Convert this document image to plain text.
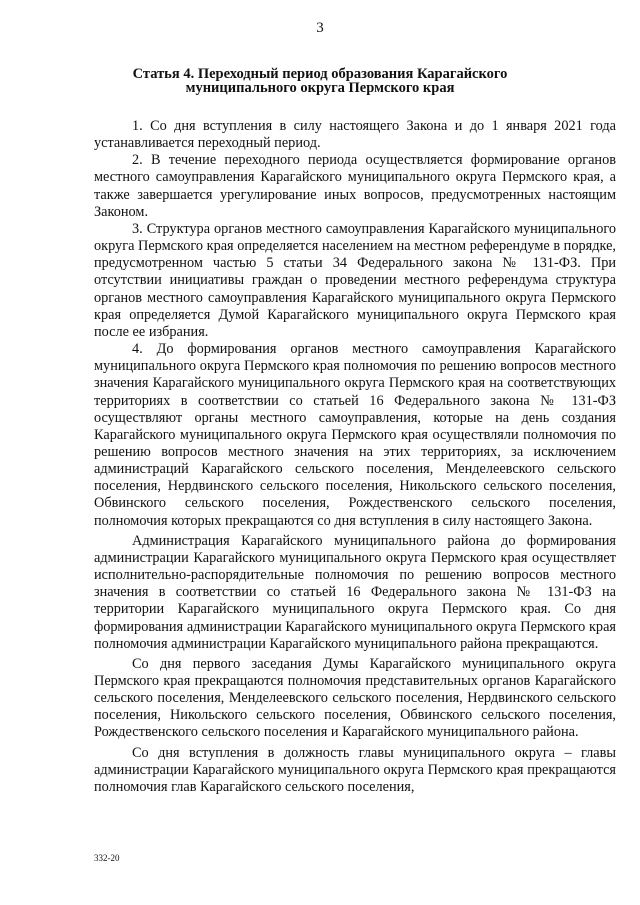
3
Статья 4. Переходный период образования Карагайского
муниципального округа Пермского края

1. Со дня вступления в силу настоящего Закона и до 1 января 2021 года устанавливается переходный период.

2. В течение переходного периода осуществляется формирование органов местного самоуправления Карагайского муниципального округа Пермского края, а также завершается урегулирование иных вопросов, предусмотренных настоящим Законом.

3. Структура органов местного самоуправления Карагайского муниципального округа Пермского края определяется населением на местном референдуме в порядке, предусмотренном частью 5 статьи 34 Федерального закона № 131-ФЗ. При отсутствии инициативы граждан о проведении местного референдума структура органов местного самоуправления Карагайского муниципального округа Пермского края определяется Думой Карагайского муниципального округа Пермского края после ее избрания.

4. До формирования органов местного самоуправления Карагайского муниципального округа Пермского края полномочия по решению вопросов местного значения Карагайского муниципального округа Пермского края на соответствующих территориях в соответствии со статьей 16 Федерального закона № 131-ФЗ осуществляют органы местного самоуправления, которые на день создания Карагайского муниципального округа Пермского края осуществляли полномочия по решению вопросов местного значения на этих территориях, за исключением администраций Карагайского сельского поселения, Менделеевского сельского поселения, Нердвинского сельского поселения, Никольского сельского поселения, Обвинского сельского поселения, Рождественского сельского поселения, полномочия которых прекращаются со дня вступления в силу настоящего Закона.

Администрация Карагайского муниципального района до формирования администрации Карагайского муниципального округа Пермского края осуществляет исполнительно-распорядительные полномочия по решению вопросов местного значения в соответствии со статьей 16 Федерального закона № 131-ФЗ на территории Карагайского муниципального округа Пермского края. Со дня формирования администрации Карагайского муниципального округа Пермского края полномочия администрации Карагайского муниципального района прекращаются.

Со дня первого заседания Думы Карагайского муниципального округа Пермского края прекращаются полномочия представительных органов Карагайского сельского поселения, Менделеевского сельского поселения, Нердвинского сельского поселения, Никольского сельского поселения, Обвинского сельского поселения, Рождественского сельского поселения и Карагайского муниципального района.

Со дня вступления в должность главы муниципального округа – главы администрации Карагайского муниципального округа Пермского края прекращаются полномочия глав Карагайского сельского поселения,

332-20
